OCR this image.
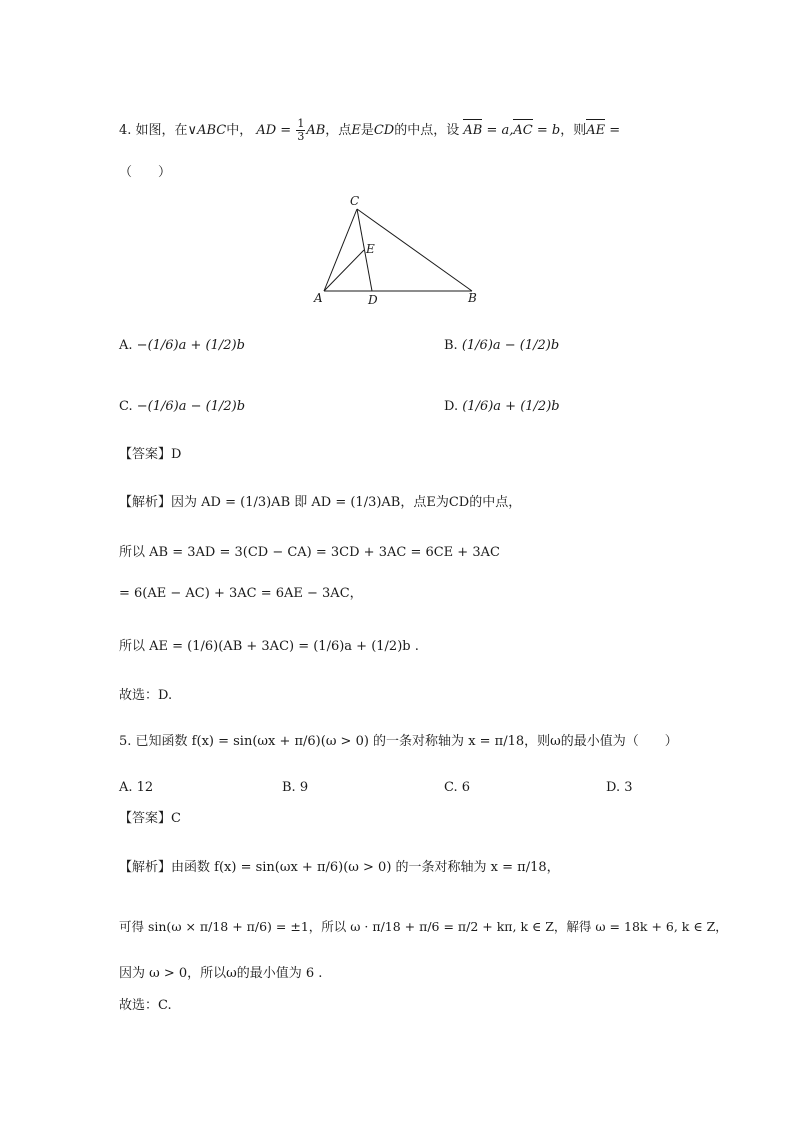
4. 如图，在∨ABC中， AD = $\frac{1}{3}$ AB，点E是CD的中点，设 AB = a,AC = b，则AE =
（　　）
C
E
A	D	B
A. −(1/6)a + (1/2)b	B. (1/6)a − (1/2)b
C. −(1/6)a − (1/2)b	D. (1/6)a + (1/2)b
【答案】D
【解析】因为 AD = (1/3)AB 即 AD = (1/3)AB，点E为CD的中点，
所以 AB = 3AD = 3(CD − CA) = 3CD + 3AC = 6CE + 3AC
= 6(AE − AC) + 3AC = 6AE − 3AC，
所以 AE = (1/6)(AB + 3AC) = (1/6)a + (1/2)b .
故选：D.
5. 已知函数 f(x) = sin(ωx + π/6)(ω > 0) 的一条对称轴为 x = π/18，则ω的最小值为（　　）
A. 12	B. 9	C. 6	D. 3
【答案】C
【解析】由函数 f(x) = sin(ωx + π/6)(ω > 0) 的一条对称轴为 x = π/18，
可得 sin(ω × π/18 + π/6) = ±1，所以 ω · π/18 + π/6 = π/2 + kπ, k ∈ Z，解得 ω = 18k + 6, k ∈ Z，
因为 ω > 0，所以ω的最小值为 6 .
故选：C.
